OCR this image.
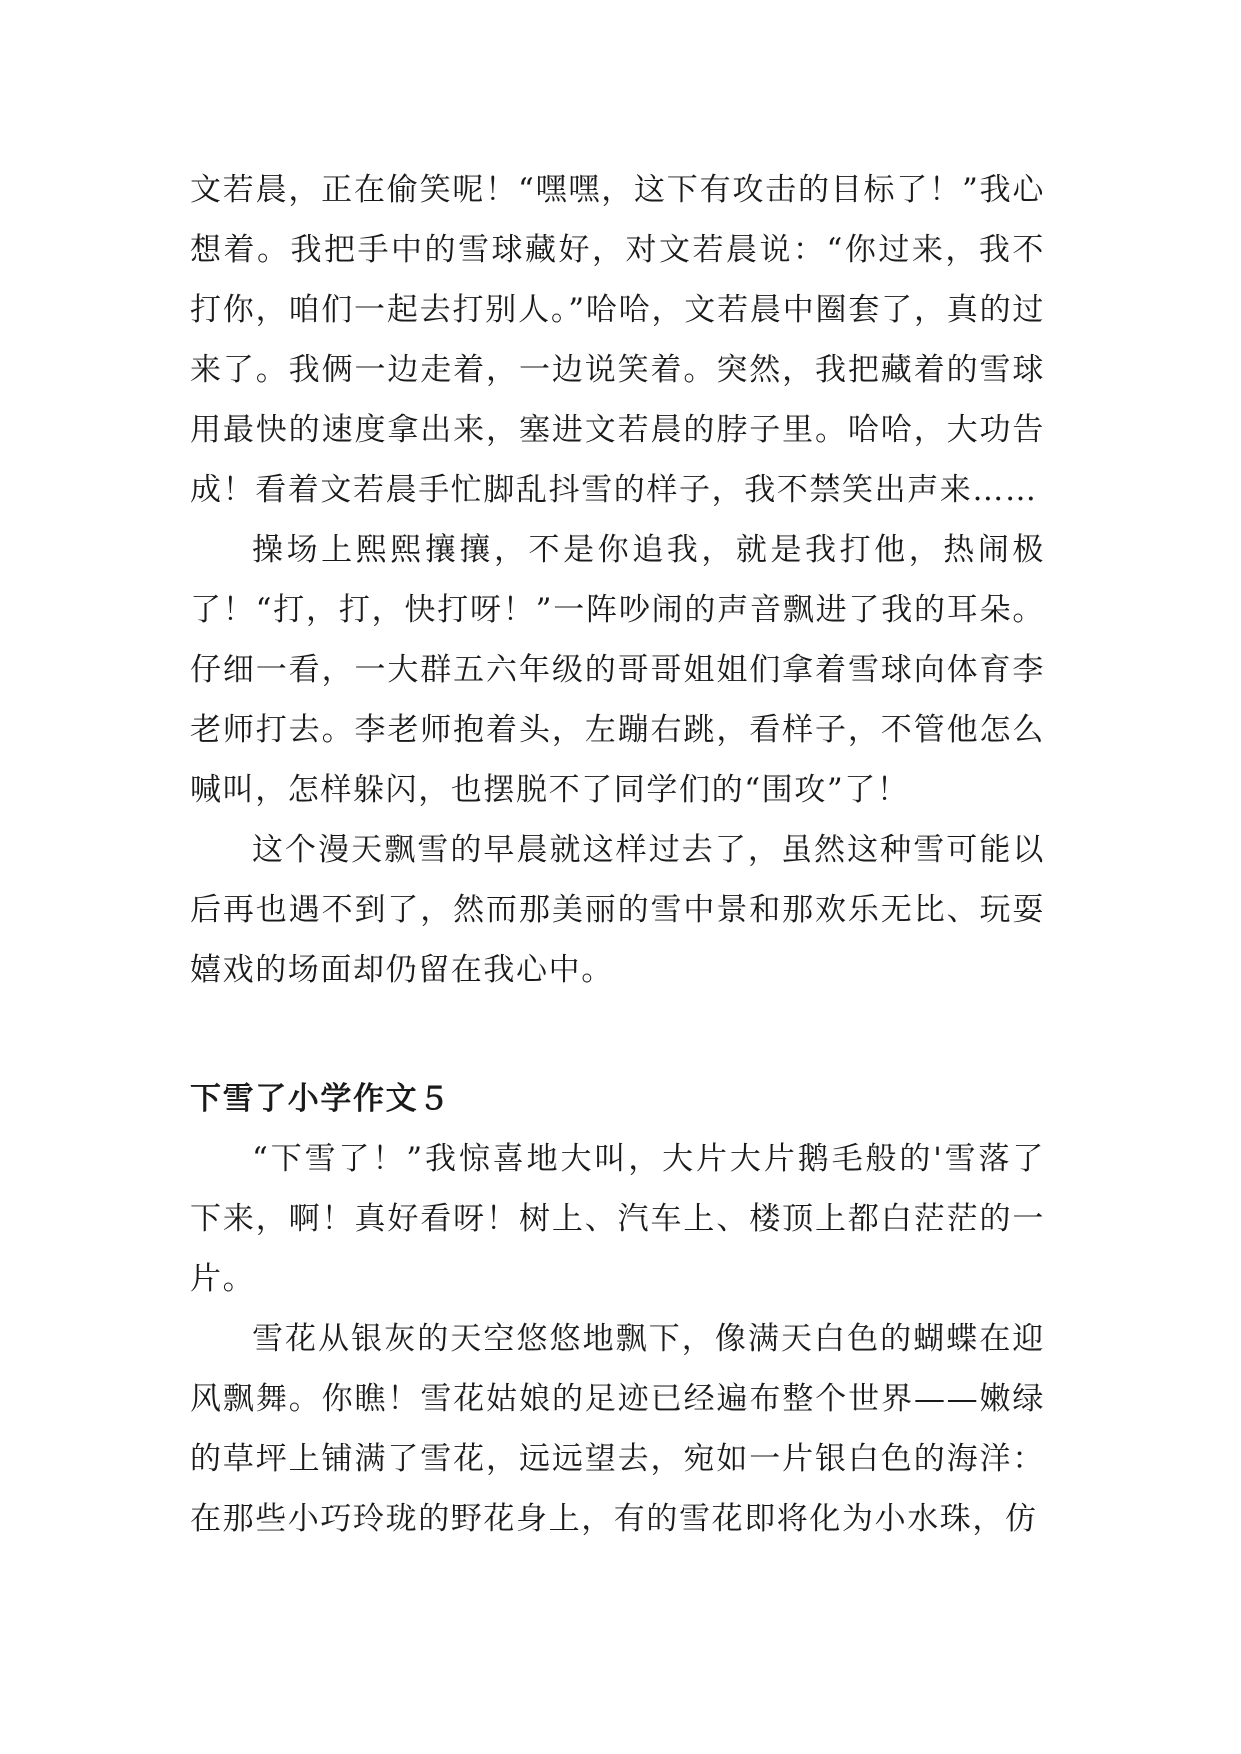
文若晨，正在偷笑呢！“嘿嘿，这下有攻击的目标了！”我心想着。我把手中的雪球藏好，对文若晨说：“你过来，我不打你，咱们一起去打别人。”哈哈，文若晨中圈套了，真的过来了。我俩一边走着，一边说笑着。突然，我把藏着的雪球用最快的速度拿出来，塞进文若晨的脖子里。哈哈，大功告成！看着文若晨手忙脚乱抖雪的样子，我不禁笑出声来……

操场上熙熙攘攘，不是你追我，就是我打他，热闹极了！“打，打，快打呀！”一阵吵闹的声音飘进了我的耳朵。仔细一看，一大群五六年级的哥哥姐姐们拿着雪球向体育李老师打去。李老师抱着头，左蹦右跳，看样子，不管他怎么喊叫，怎样躲闪，也摆脱不了同学们的“围攻”了！

这个漫天飘雪的早晨就这样过去了，虽然这种雪可能以后再也遇不到了，然而那美丽的雪中景和那欢乐无比、玩耍嬉戏的场面却仍留在我心中。

下雪了小学作文５

“下雪了！”我惊喜地大叫，大片大片鹅毛般的'雪落了下来，啊！真好看呀！树上、汽车上、楼顶上都白茫茫的一片。

雪花从银灰的天空悠悠地飘下，像满天白色的蝴蝶在迎风飘舞。你瞧！雪花姑娘的足迹已经遍布整个世界——嫩绿的草坪上铺满了雪花，远远望去，宛如一片银白色的海洋：在那些小巧玲珑的野花身上，有的雪花即将化为小水珠，仿
